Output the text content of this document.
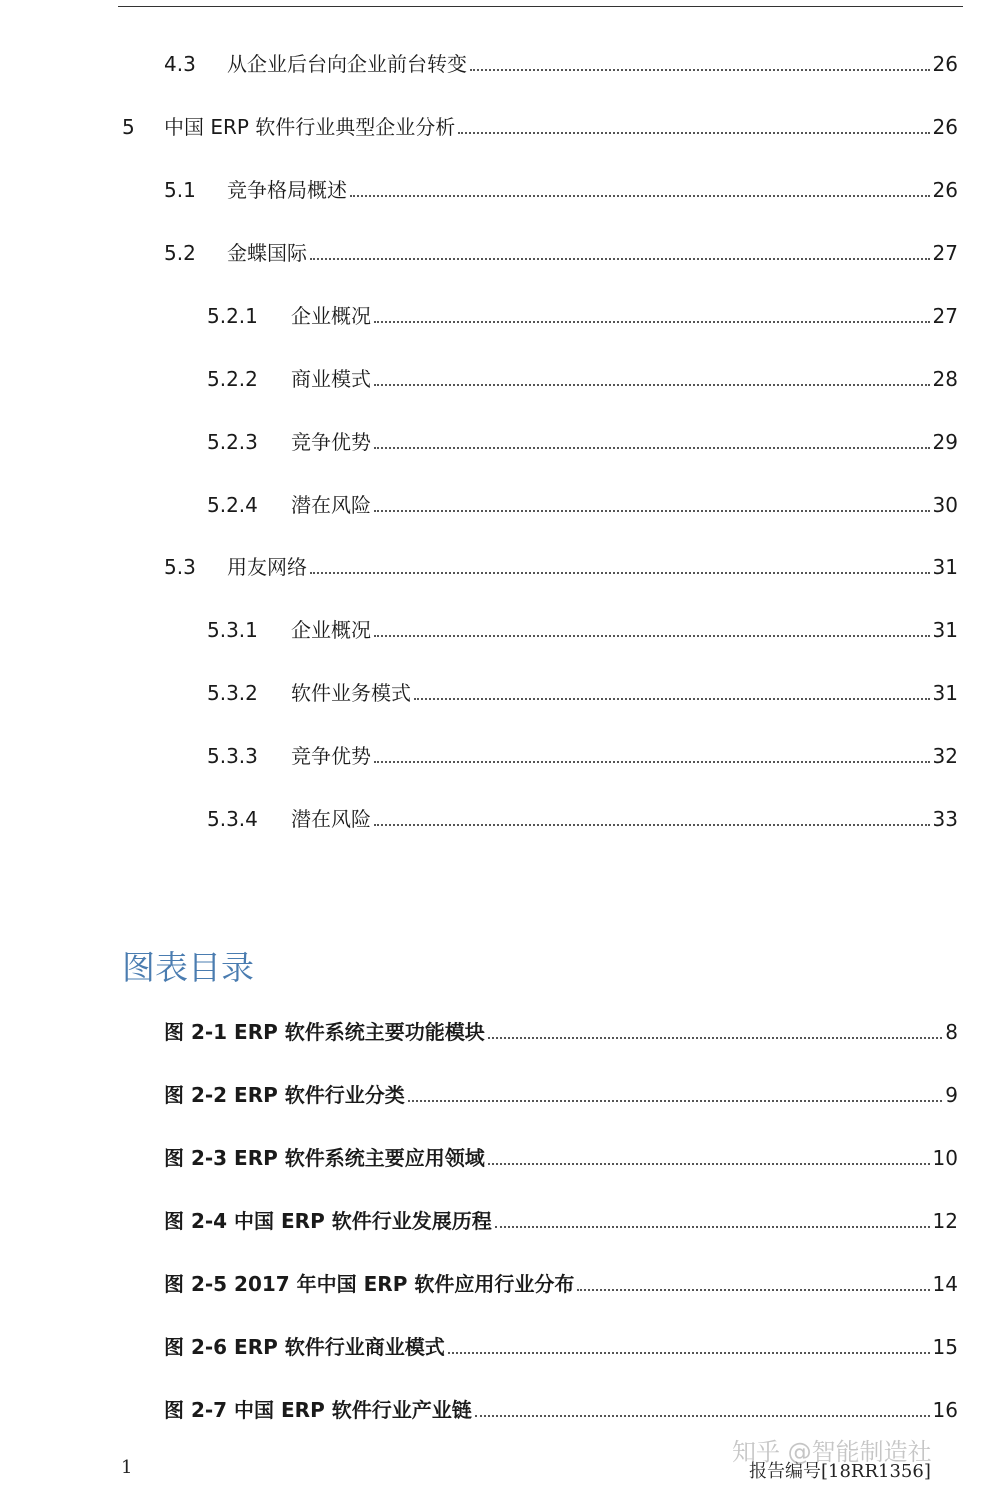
4.3	从企业后台向企业前台转变	26
5	中国 ERP 软件行业典型企业分析	26
5.1	竞争格局概述	26
5.2	金蝶国际	27
5.2.1	企业概况	27
5.2.2	商业模式	28
5.2.3	竞争优势	29
5.2.4	潜在风险	30
5.3	用友网络	31
5.3.1	企业概况	31
5.3.2	软件业务模式	31
5.3.3	竞争优势	32
5.3.4	潜在风险	33
图表目录
图 2-1 ERP 软件系统主要功能模块	8
图 2-2 ERP 软件行业分类	9
图 2-3 ERP 软件系统主要应用领域	10
图 2-4 中国 ERP 软件行业发展历程	12
图 2-5 2017 年中国 ERP 软件应用行业分布	14
图 2-6 ERP 软件行业商业模式	15
图 2-7 中国 ERP 软件行业产业链	16
1	报告编号[18RR1356]
知乎 @智能制造社
